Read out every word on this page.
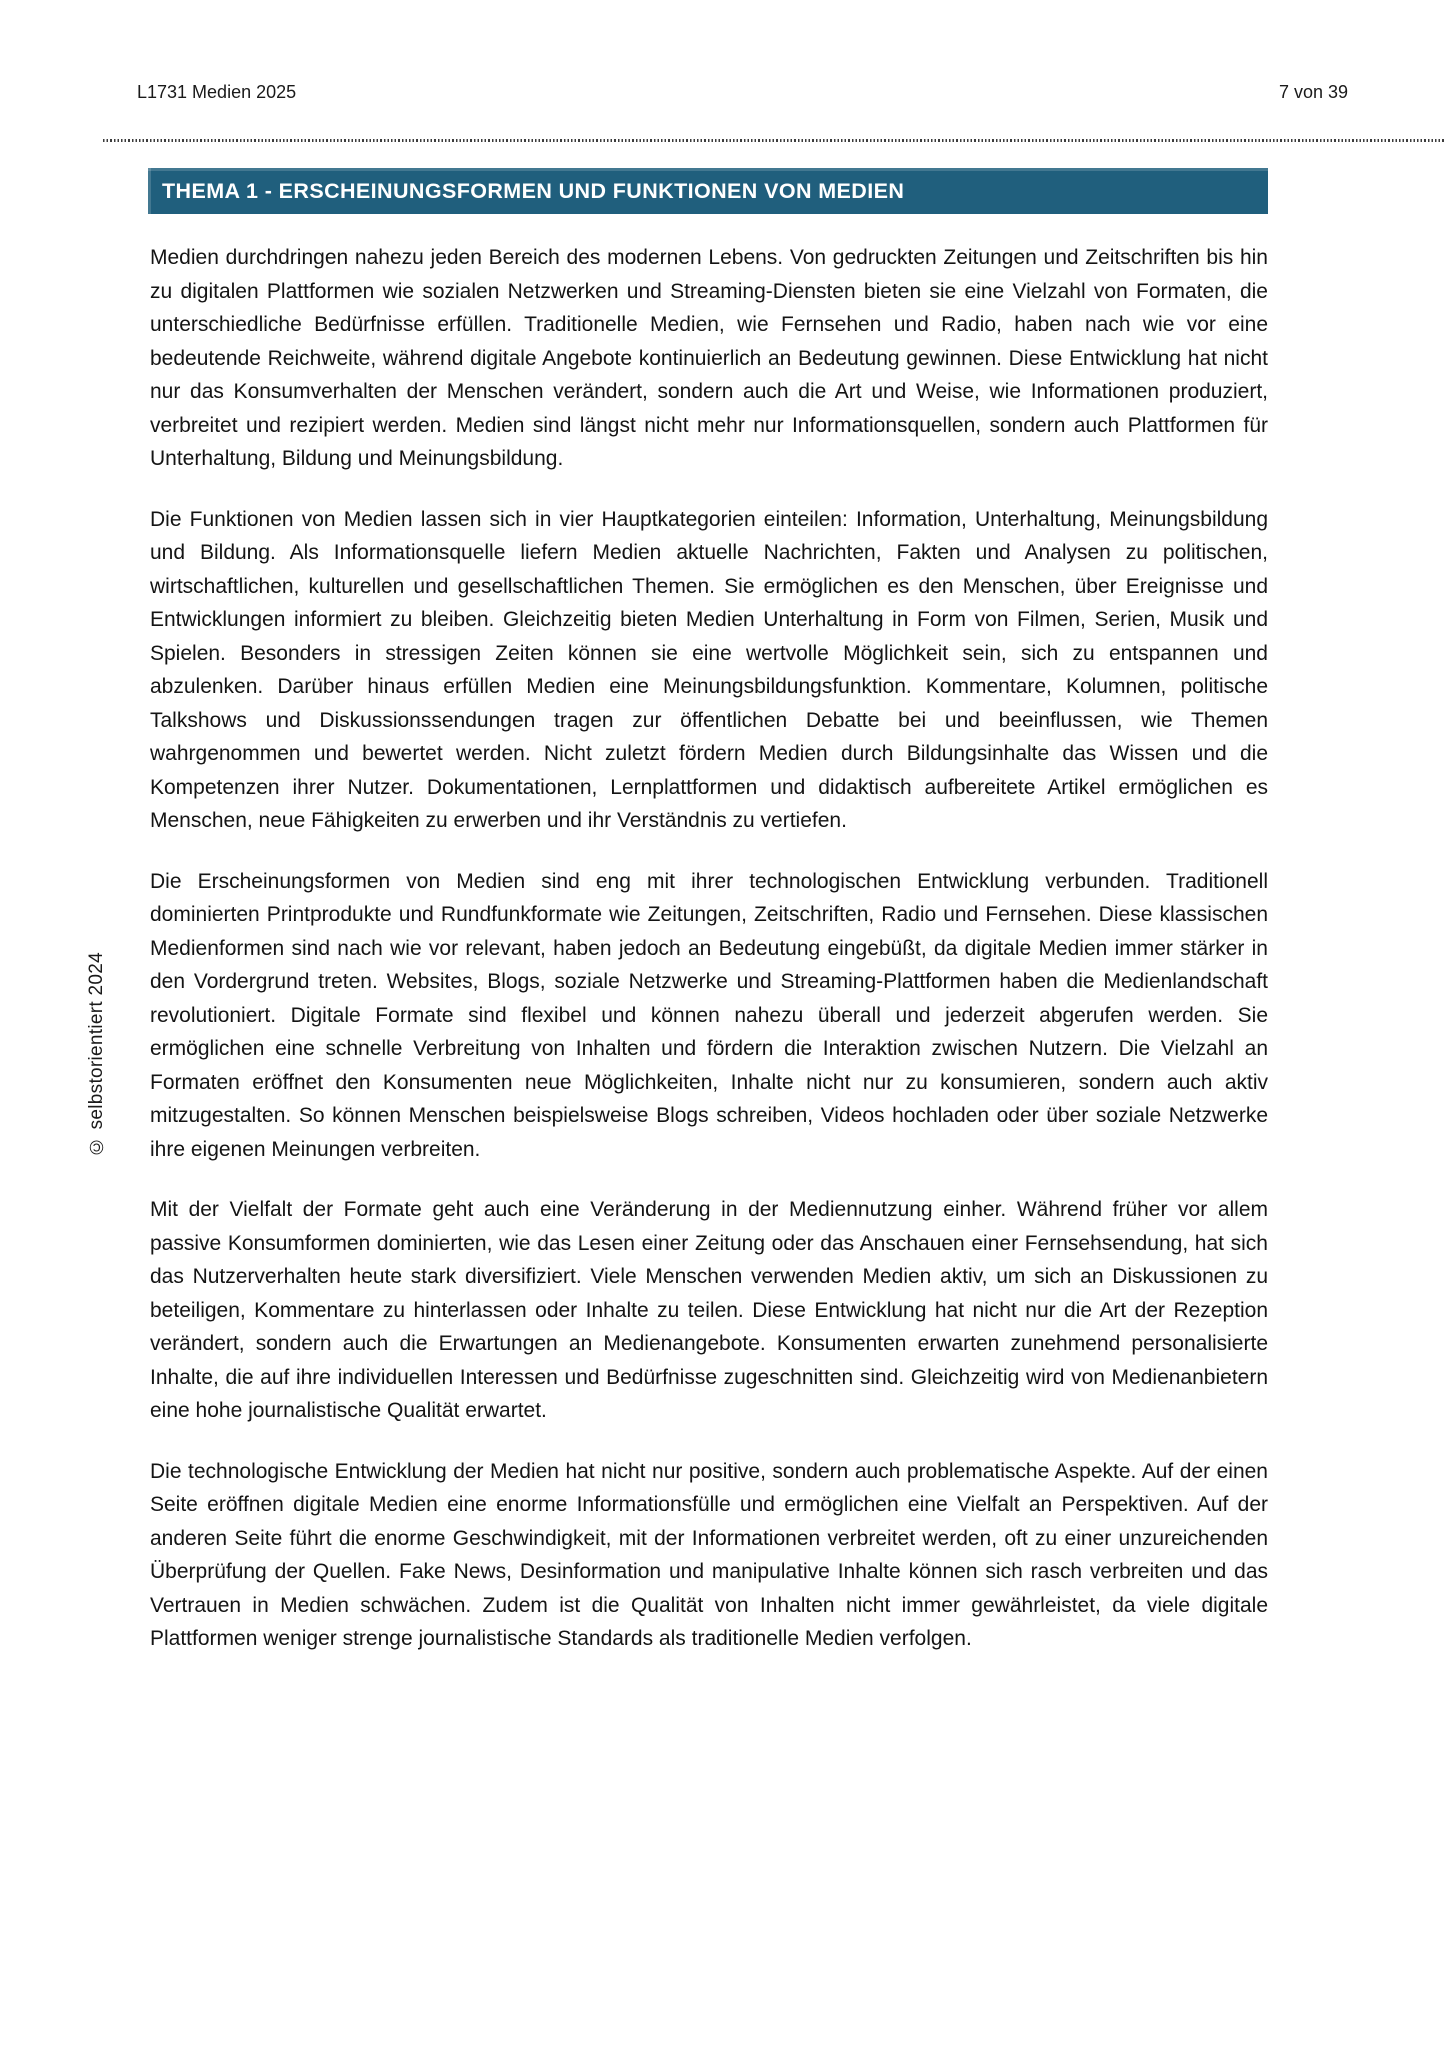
L1731 Medien 2025	7 von 39
THEMA 1 - ERSCHEINUNGSFORMEN UND FUNKTIONEN VON MEDIEN

Medien durchdringen nahezu jeden Bereich des modernen Lebens. Von gedruckten Zeitungen und Zeitschriften bis hin zu digitalen Plattformen wie sozialen Netzwerken und Streaming-Diensten bieten sie eine Vielzahl von Formaten, die unterschiedliche Bedürfnisse erfüllen. Traditionelle Medien, wie Fernsehen und Radio, haben nach wie vor eine bedeutende Reichweite, während digitale Angebote kontinuierlich an Bedeutung gewinnen. Diese Entwicklung hat nicht nur das Konsumverhalten der Menschen verändert, sondern auch die Art und Weise, wie Informationen produziert, verbreitet und rezipiert werden. Medien sind längst nicht mehr nur Informationsquellen, sondern auch Plattformen für Unterhaltung, Bildung und Meinungsbildung.

Die Funktionen von Medien lassen sich in vier Hauptkategorien einteilen: Information, Unterhaltung, Meinungsbildung und Bildung. Als Informationsquelle liefern Medien aktuelle Nachrichten, Fakten und Analysen zu politischen, wirtschaftlichen, kulturellen und gesellschaftlichen Themen. Sie ermöglichen es den Menschen, über Ereignisse und Entwicklungen informiert zu bleiben. Gleichzeitig bieten Medien Unterhaltung in Form von Filmen, Serien, Musik und Spielen. Besonders in stressigen Zeiten können sie eine wertvolle Möglichkeit sein, sich zu entspannen und abzulenken. Darüber hinaus erfüllen Medien eine Meinungsbildungsfunktion. Kommentare, Kolumnen, politische Talkshows und Diskussionssendungen tragen zur öffentlichen Debatte bei und beeinflussen, wie Themen wahrgenommen und bewertet werden. Nicht zuletzt fördern Medien durch Bildungsinhalte das Wissen und die Kompetenzen ihrer Nutzer. Dokumentationen, Lernplattformen und didaktisch aufbereitete Artikel ermöglichen es Menschen, neue Fähigkeiten zu erwerben und ihr Verständnis zu vertiefen.

Die Erscheinungsformen von Medien sind eng mit ihrer technologischen Entwicklung verbunden. Traditionell dominierten Printprodukte und Rundfunkformate wie Zeitungen, Zeitschriften, Radio und Fernsehen. Diese klassischen Medienformen sind nach wie vor relevant, haben jedoch an Bedeutung eingebüßt, da digitale Medien immer stärker in den Vordergrund treten. Websites, Blogs, soziale Netzwerke und Streaming-Plattformen haben die Medienlandschaft revolutioniert. Digitale Formate sind flexibel und können nahezu überall und jederzeit abgerufen werden. Sie ermöglichen eine schnelle Verbreitung von Inhalten und fördern die Interaktion zwischen Nutzern. Die Vielzahl an Formaten eröffnet den Konsumenten neue Möglichkeiten, Inhalte nicht nur zu konsumieren, sondern auch aktiv mitzugestalten. So können Menschen beispielsweise Blogs schreiben, Videos hochladen oder über soziale Netzwerke ihre eigenen Meinungen verbreiten.

Mit der Vielfalt der Formate geht auch eine Veränderung in der Mediennutzung einher. Während früher vor allem passive Konsumformen dominierten, wie das Lesen einer Zeitung oder das Anschauen einer Fernsehsendung, hat sich das Nutzerverhalten heute stark diversifiziert. Viele Menschen verwenden Medien aktiv, um sich an Diskussionen zu beteiligen, Kommentare zu hinterlassen oder Inhalte zu teilen. Diese Entwicklung hat nicht nur die Art der Rezeption verändert, sondern auch die Erwartungen an Medienangebote. Konsumenten erwarten zunehmend personalisierte Inhalte, die auf ihre individuellen Interessen und Bedürfnisse zugeschnitten sind. Gleichzeitig wird von Medienanbietern eine hohe journalistische Qualität erwartet.

Die technologische Entwicklung der Medien hat nicht nur positive, sondern auch problematische Aspekte. Auf der einen Seite eröffnen digitale Medien eine enorme Informationsfülle und ermöglichen eine Vielfalt an Perspektiven. Auf der anderen Seite führt die enorme Geschwindigkeit, mit der Informationen verbreitet werden, oft zu einer unzureichenden Überprüfung der Quellen. Fake News, Desinformation und manipulative Inhalte können sich rasch verbreiten und das Vertrauen in Medien schwächen. Zudem ist die Qualität von Inhalten nicht immer gewährleistet, da viele digitale Plattformen weniger strenge journalistische Standards als traditionelle Medien verfolgen.

© selbstorientiert 2024
